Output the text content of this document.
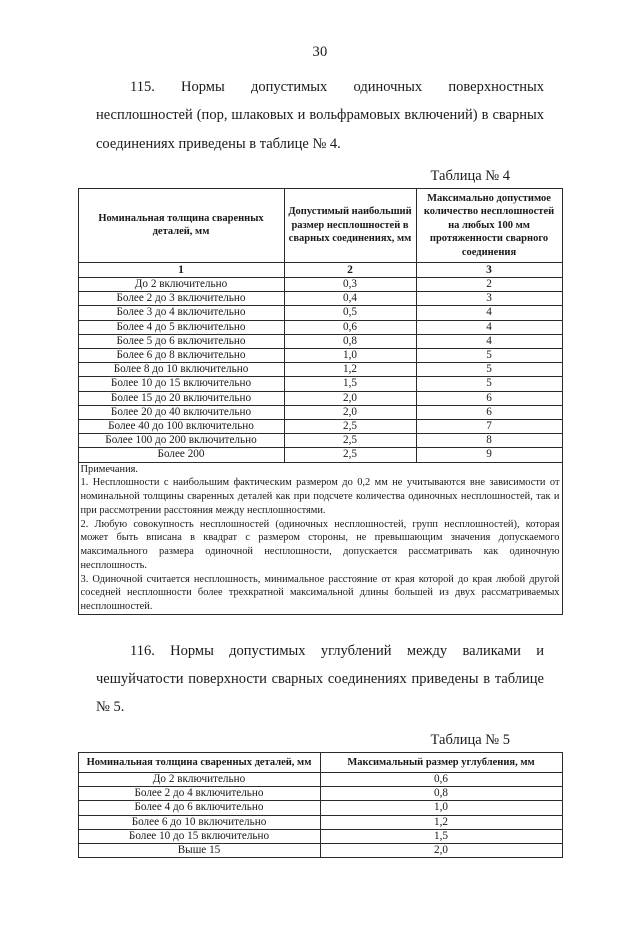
30
115. Нормы допустимых одиночных поверхностных несплошностей (пор, шлаковых и вольфрамовых включений) в сварных соединениях приведены в таблице № 4.
Таблица № 4
Номинальная толщина сваренных деталей, мм	Допустимый наибольший размер несплошностей в сварных соединениях, мм	Максимально допустимое количество несплошностей на любых 100 мм протяженности сварного соединения
1	2	3
До 2 включительно	0,3	2
Более 2 до 3 включительно	0,4	3
Более 3 до 4 включительно	0,5	4
Более 4 до 5 включительно	0,6	4
Более 5 до 6 включительно	0,8	4
Более 6 до 8 включительно	1,0	5
Более 8 до 10 включительно	1,2	5
Более 10 до 15 включительно	1,5	5
Более 15 до 20 включительно	2,0	6
Более 20 до 40 включительно	2,0	6
Более 40 до 100 включительно	2,5	7
Более 100 до 200 включительно	2,5	8
Более 200	2,5	9

Примечания.

1. Несплошности с наибольшим фактическим размером до 0,2 мм не учитываются вне зависимости от номинальной толщины сваренных деталей как при подсчете количества одиночных несплошностей, так и при рассмотрении расстояния между несплошностями.

2. Любую совокупность несплошностей (одиночных несплошностей, групп несплошностей), которая может быть вписана в квадрат с размером стороны, не превышающим значения допускаемого максимального размера одиночной несплошности, допускается рассматривать как одиночную несплошность.

3. Одиночной считается несплошность, минимальное расстояние от края которой до края любой другой соседней несплошности более трехкратной максимальной длины большей из двух рассматриваемых несплошностей.		

116. Нормы допустимых углублений между валиками и чешуйчатости поверхности сварных соединениях приведены в таблице № 5.
Таблица № 5
Номинальная толщина сваренных деталей, мм	Максимальный размер углубления, мм
До 2 включительно	0,6
Более 2 до 4 включительно	0,8
Более 4 до 6 включительно	1,0
Более 6 до 10 включительно	1,2
Более 10 до 15 включительно	1,5
Выше 15	2,0
